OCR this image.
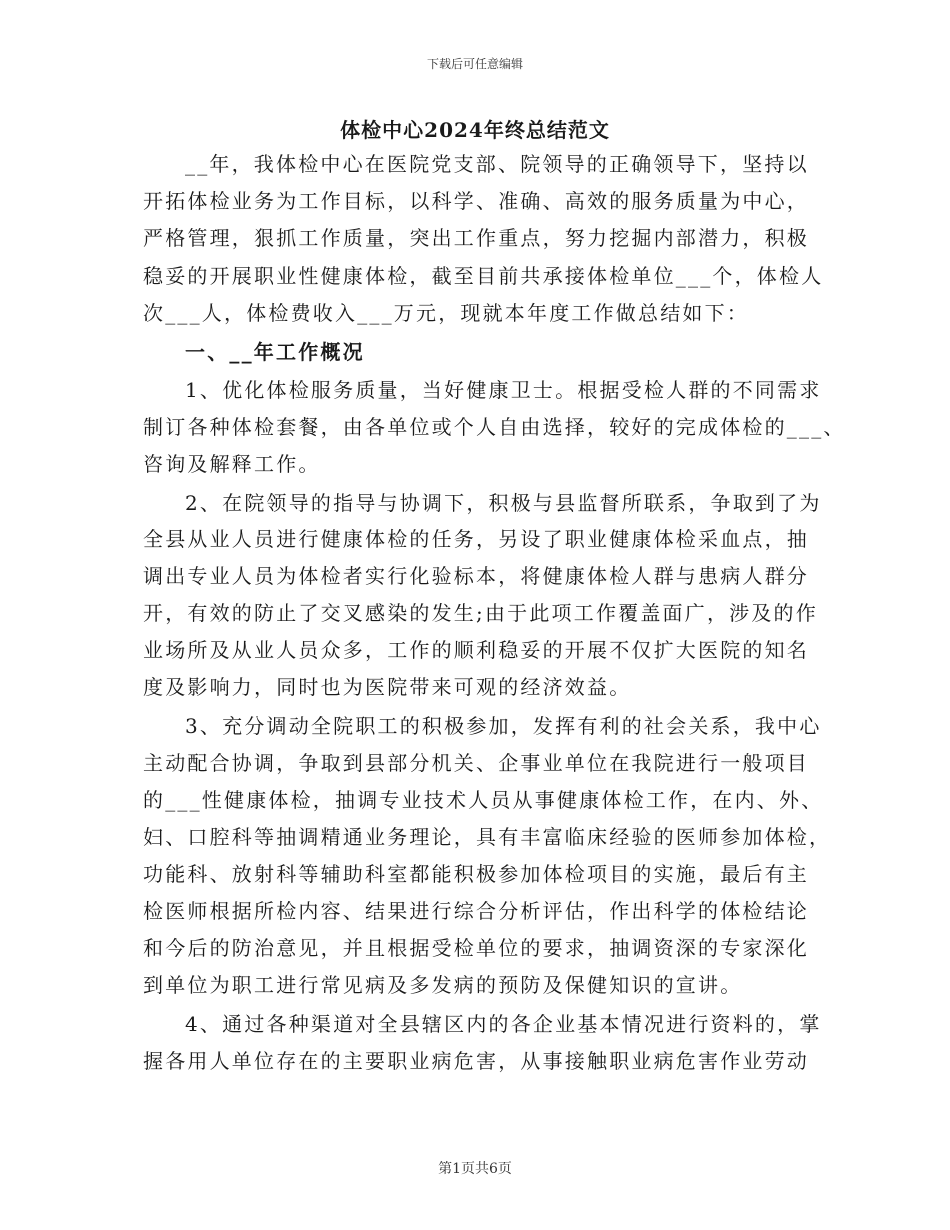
下载后可任意编辑
体检中心2024年终总结范文
__年，我体检中心在医院党支部、院领导的正确领导下，坚持以
开拓体检业务为工作目标，以科学、准确、高效的服务质量为中心，
严格管理，狠抓工作质量，突出工作重点，努力挖掘内部潜力，积极
稳妥的开展职业性健康体检，截至目前共承接体检单位___个，体检人
次___人，体检费收入___万元，现就本年度工作做总结如下：
一、__年工作概况
1、优化体检服务质量，当好健康卫士。根据受检人群的不同需求
制订各种体检套餐，由各单位或个人自由选择，较好的完成体检的___、
咨询及解释工作。
2、在院领导的指导与协调下，积极与县监督所联系，争取到了为
全县从业人员进行健康体检的任务，另设了职业健康体检采血点，抽
调出专业人员为体检者实行化验标本，将健康体检人群与患病人群分
开，有效的防止了交叉感染的发生;由于此项工作覆盖面广，涉及的作
业场所及从业人员众多，工作的顺利稳妥的开展不仅扩大医院的知名
度及影响力，同时也为医院带来可观的经济效益。
3、充分调动全院职工的积极参加，发挥有利的社会关系，我中心
主动配合协调，争取到县部分机关、企事业单位在我院进行一般项目
的___性健康体检，抽调专业技术人员从事健康体检工作，在内、外、
妇、口腔科等抽调精通业务理论，具有丰富临床经验的医师参加体检，
功能科、放射科等辅助科室都能积极参加体检项目的实施，最后有主
检医师根据所检内容、结果进行综合分析评估，作出科学的体检结论
和今后的防治意见，并且根据受检单位的要求，抽调资深的专家深化
到单位为职工进行常见病及多发病的预防及保健知识的宣讲。
4、通过各种渠道对全县辖区内的各企业基本情况进行资料的，掌
握各用人单位存在的主要职业病危害，从事接触职业病危害作业劳动
第1页共6页
